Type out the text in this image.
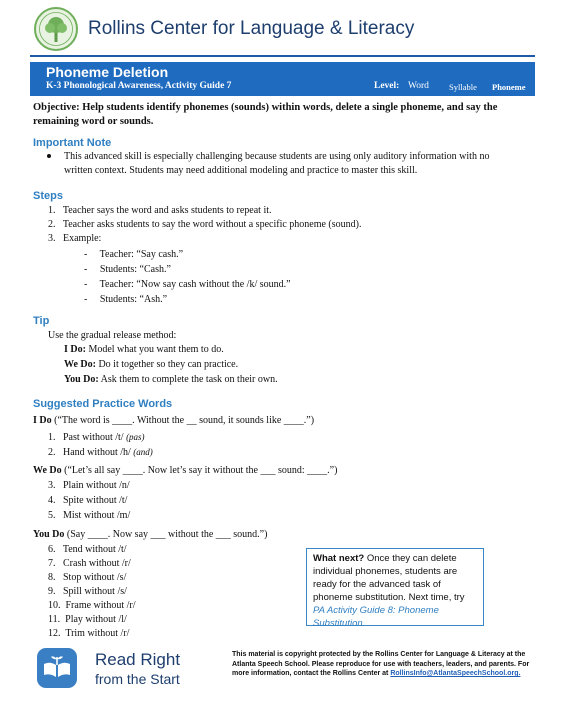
Rollins Center for Language & Literacy
Phoneme Deletion
K-3 Phonological Awareness, Activity Guide 7	Level: Word Syllable Phoneme
Objective: Help students identify phonemes (sounds) within words, delete a single phoneme, and say the remaining word or sounds.
Important Note
This advanced skill is especially challenging because students are using only auditory information with no
written context. Students may need additional modeling and practice to master this skill.
Steps
1.   Teacher says the word and asks students to repeat it.
2.   Teacher asks students to say the word without a specific phoneme (sound).
3.   Example:
-     Teacher: “Say cash.”
-     Students: “Cash.”
-     Teacher: “Now say cash without the /k/ sound.”
-     Students: “Ash.”
Tip
Use the gradual release method:
I Do: Model what you want them to do.
We Do: Do it together so they can practice.
You Do: Ask them to complete the task on their own.
Suggested Practice Words
I Do (“The word is ____. Without the __ sound, it sounds like ____.”)
1.   Past without /t/ (pas)
2.   Hand without /h/ (and)
We Do (“Let’s all say ____. Now let’s say it without the ___ sound: ____.”)
3.   Plain without /n/
4.   Spite without /t/
5.   Mist without /m/
You Do (Say ____. Now say ___ without the ___ sound.”)
6.   Tend without /t/
7.   Crash without /r/
8.   Stop without /s/
9.   Spill without /s/
10.  Frame without /r/
11.  Play without /l/
12.  Trim without /r/
What next? Once they can delete individual phonemes, students are ready for the advanced task of phoneme substitution. Next time, try PA Activity Guide 8: Phoneme Substitution.
Read Right
from the Start
This material is copyright protected by the Rollins Center for Language & Literacy at the Atlanta Speech School. Please reproduce for use with teachers, leaders, and parents. For more information, contact the Rollins Center at RollinsInfo@AtlantaSpeechSchool.org.
